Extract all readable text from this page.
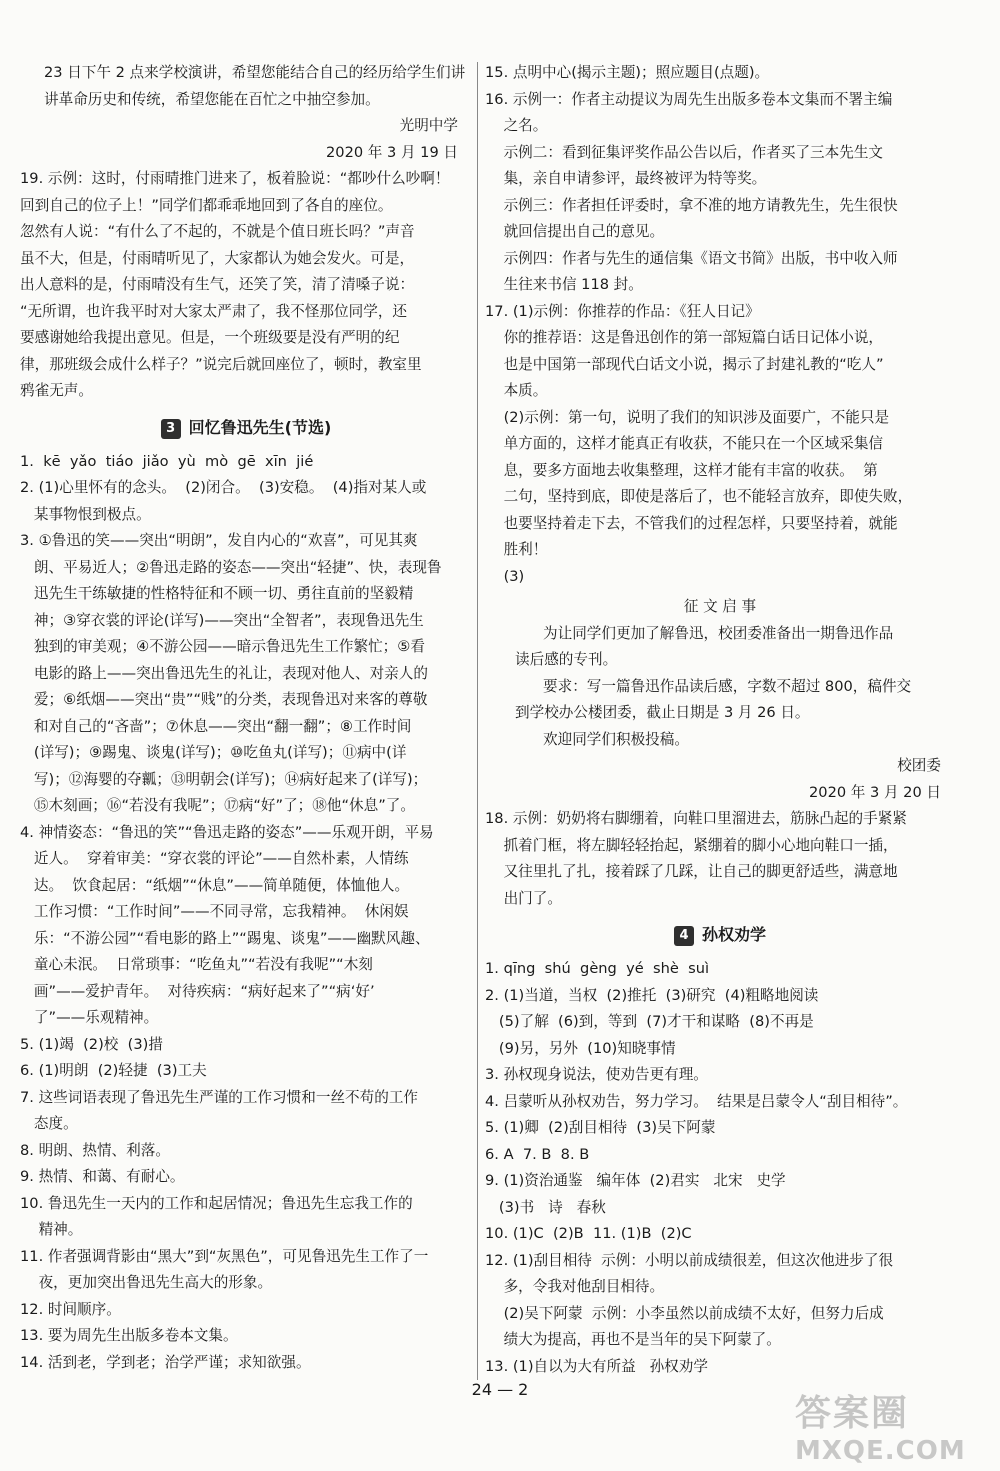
23 日下午 2 点来学校演讲，希望您能结合自己的经历给学生们讲讲革命历史和传统，希望您能在百忙之中抽空参加。

光明中学

2020 年 3 月 19 日

19. 示例：这时，付雨晴推门进来了，板着脸说：“都吵什么吵啊！

回到自己的位子上！”同学们都乖乖地回到了各自的座位。

忽然有人说：“有什么了不起的，不就是个值日班长吗？”声音

虽不大，但是，付雨晴听见了，大家都认为她会发火。可是，

出人意料的是，付雨晴没有生气，还笑了笑，清了清嗓子说：

“无所谓，也许我平时对大家太严肃了，我不怪那位同学，还

要感谢她给我提出意见。但是，一个班级要是没有严明的纪

律，那班级会成什么样子？”说完后就回座位了，顿时，教室里

鸦雀无声。

3 回忆鲁迅先生(节选)

1.  kē  yǎo  tiáo  jiǎo  yù  mò  gē  xīn  jié

2. (1)心里怀有的念头。  (2)闭合。  (3)安稳。  (4)指对某人或

某事物恨到极点。

3. ①鲁迅的笑——突出“明朗”，发自内心的“欢喜”，可见其爽

朗、平易近人；②鲁迅走路的姿态——突出“轻捷”、快，表现鲁

迅先生干练敏捷的性格特征和不顾一切、勇往直前的坚毅精

神；③穿衣裳的评论(详写)——突出“全智者”，表现鲁迅先生

独到的审美观；④不游公园——暗示鲁迅先生工作繁忙；⑤看

电影的路上——突出鲁迅先生的礼让，表现对他人、对亲人的

爱；⑥纸烟——突出“贵”“贱”的分类，表现鲁迅对来客的尊敬

和对自己的“吝啬”；⑦休息——突出“翻一翻”；⑧工作时间

(详写)；⑨踢鬼、谈鬼(详写)；⑩吃鱼丸(详写)；⑪病中(详

写)；⑫海婴的夺瓤；⑬明朝会(详写)；⑭病好起来了(详写)；

⑮木刻画；⑯“若没有我呢”；⑰病“好”了；⑱他“休息”了。

4. 神情姿态：“鲁迅的笑”“鲁迅走路的姿态”——乐观开朗，平易

近人。  穿着审美：“穿衣裳的评论”——自然朴素，人情练

达。  饮食起居：“纸烟”“休息”——简单随便，体恤他人。

工作习惯：“工作时间”——不同寻常，忘我精神。  休闲娱

乐：“不游公园”“看电影的路上”“踢鬼、谈鬼”——幽默风趣、

童心未泯。  日常琐事：“吃鱼丸”“若没有我呢”“木刻

画”——爱护青年。  对待疾病：“病好起来了”“病‘好’

了”——乐观精神。

5. (1)竭  (2)校  (3)措

6. (1)明朗  (2)轻捷  (3)工夫

7. 这些词语表现了鲁迅先生严谨的工作习惯和一丝不苟的工作

态度。

8. 明朗、热情、利落。

9. 热情、和蔼、有耐心。

10. 鲁迅先生一天内的工作和起居情况；鲁迅先生忘我工作的

精神。

11. 作者强调背影由“黑大”到“灰黑色”，可见鲁迅先生工作了一

夜，更加突出鲁迅先生高大的形象。

12. 时间顺序。

13. 要为周先生出版多卷本文集。

14. 活到老，学到老；治学严谨；求知欲强。

15. 点明中心(揭示主题)；照应题目(点题)。

16. 示例一：作者主动提议为周先生出版多卷本文集而不署主编

之名。

示例二：看到征集评奖作品公告以后，作者买了三本先生文

集，亲自申请参评，最终被评为特等奖。

示例三：作者担任评委时，拿不准的地方请教先生，先生很快

就回信提出自己的意见。

示例四：作者与先生的通信集《语文书简》出版，书中收入师

生往来书信 118 封。

17. (1)示例：你推荐的作品：《狂人日记》

你的推荐语：这是鲁迅创作的第一部短篇白话日记体小说，

也是中国第一部现代白话文小说，揭示了封建礼教的“吃人”

本质。

(2)示例：第一句，说明了我们的知识涉及面要广，不能只是

单方面的，这样才能真正有收获，不能只在一个区域采集信

息，要多方面地去收集整理，这样才能有丰富的收获。  第

二句，坚持到底，即使是落后了，也不能轻言放弃，即使失败，

也要坚持着走下去，不管我们的过程怎样，只要坚持着，就能

胜利！

(3)

征 文 启 事

为让同学们更加了解鲁迅，校团委准备出一期鲁迅作品

读后感的专刊。

要求：写一篇鲁迅作品读后感，字数不超过 800，稿件交

到学校办公楼团委，截止日期是 3 月 26 日。

欢迎同学们积极投稿。

校团委

2020 年 3 月 20 日

18. 示例：奶奶将右脚绷着，向鞋口里溜进去，筋脉凸起的手紧紧

抓着门框，将左脚轻轻抬起，紧绷着的脚小心地向鞋口一插，

又往里扎了扎，接着踩了几踩，让自己的脚更舒适些，满意地

出门了。

4 孙权劝学

1. qīng  shú  gèng  yé  shè  suì

2. (1)当道，当权  (2)推托  (3)研究  (4)粗略地阅读

(5)了解  (6)到，等到  (7)才干和谋略  (8)不再是

(9)另，另外  (10)知晓事情

3. 孙权现身说法，使劝告更有理。

4. 吕蒙听从孙权劝告，努力学习。  结果是吕蒙令人“刮目相待”。

5. (1)卿  (2)刮目相待  (3)吴下阿蒙

6. A  7. B  8. B

9. (1)资治通鉴   编年体  (2)君实   北宋   史学

(3)书   诗   春秋

10. (1)C  (2)B  11. (1)B  (2)C

12. (1)刮目相待  示例：小明以前成绩很差，但这次他进步了很

多，令我对他刮目相待。

(2)吴下阿蒙  示例：小李虽然以前成绩不太好，但努力后成

绩大为提高，再也不是当年的吴下阿蒙了。

13. (1)自以为大有所益   孙权劝学

24 — 2
答案圈
MXQE.COM
